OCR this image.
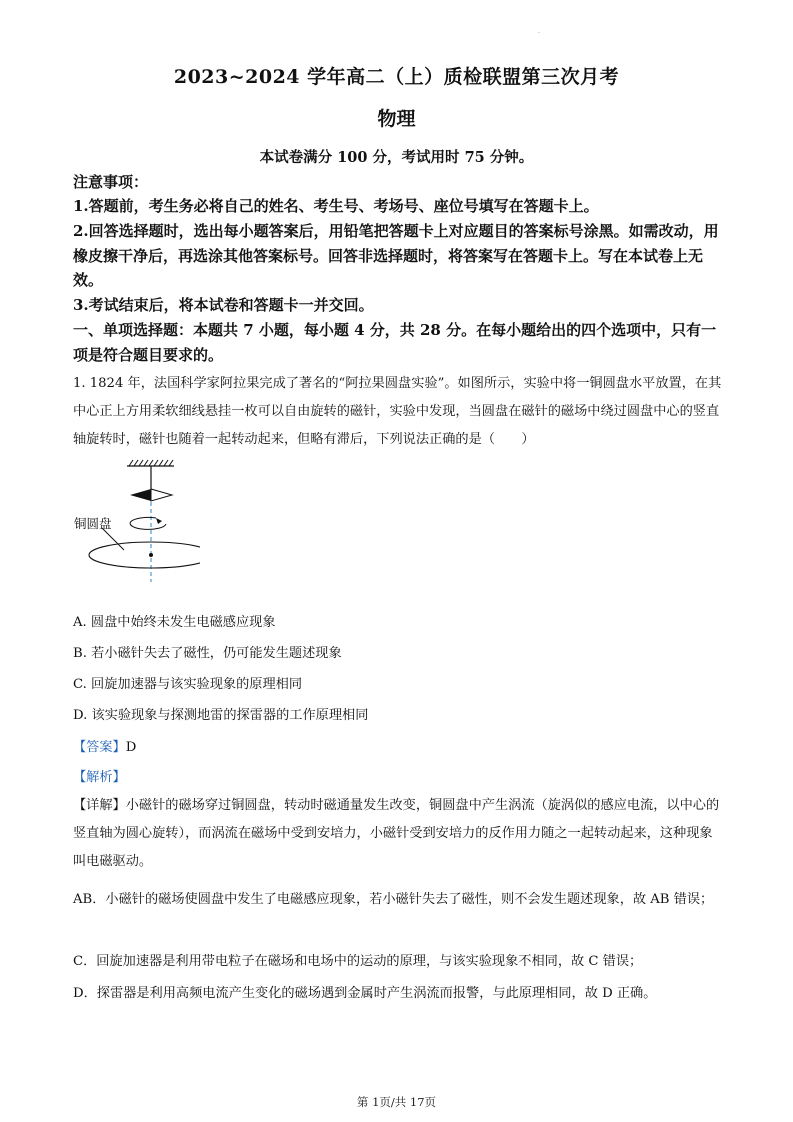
.
2023~2024 学年高二（上）质检联盟第三次月考
物理
本试卷满分 100 分，考试用时 75 分钟。
注意事项：
1.答题前，考生务必将自己的姓名、考生号、考场号、座位号填写在答题卡上。
2.回答选择题时，选出每小题答案后，用铅笔把答题卡上对应题目的答案标号涂黑。如需改动，用橡皮擦干净后，再选涂其他答案标号。回答非选择题时，将答案写在答题卡上。写在本试卷上无效。
3.考试结束后，将本试卷和答题卡一并交回。
一、单项选择题：本题共 7 小题，每小题 4 分，共 28 分。在每小题给出的四个选项中，只有一项是符合题目要求的。
1. 1824 年，法国科学家阿拉果完成了著名的“阿拉果圆盘实验”。如图所示，实验中将一铜圆盘水平放置，在其中心正上方用柔软细线悬挂一枚可以自由旋转的磁针，实验中发现，当圆盘在磁针的磁场中绕过圆盘中心的竖直轴旋转时，磁针也随着一起转动起来，但略有滞后，下列说法正确的是（　　）
铜圆盘
A. 圆盘中始终未发生电磁感应现象
B. 若小磁针失去了磁性，仍可能发生题述现象
C. 回旋加速器与该实验现象的原理相同
D. 该实验现象与探测地雷的探雷器的工作原理相同
【答案】D
【解析】
【详解】小磁针的磁场穿过铜圆盘，转动时磁通量发生改变，铜圆盘中产生涡流（旋涡似的感应电流，以中心的竖直轴为圆心旋转），而涡流在磁场中受到安培力，小磁针受到安培力的反作用力随之一起转动起来，这种现象叫电磁驱动。
AB．小磁针的磁场使圆盘中发生了电磁感应现象，若小磁针失去了磁性，则不会发生题述现象，故 AB 错误；
C．回旋加速器是利用带电粒子在磁场和电场中的运动的原理，与该实验现象不相同，故 C 错误；
D．探雷器是利用高频电流产生变化的磁场遇到金属时产生涡流而报警，与此原理相同，故 D 正确。
第 1页/共 17页
